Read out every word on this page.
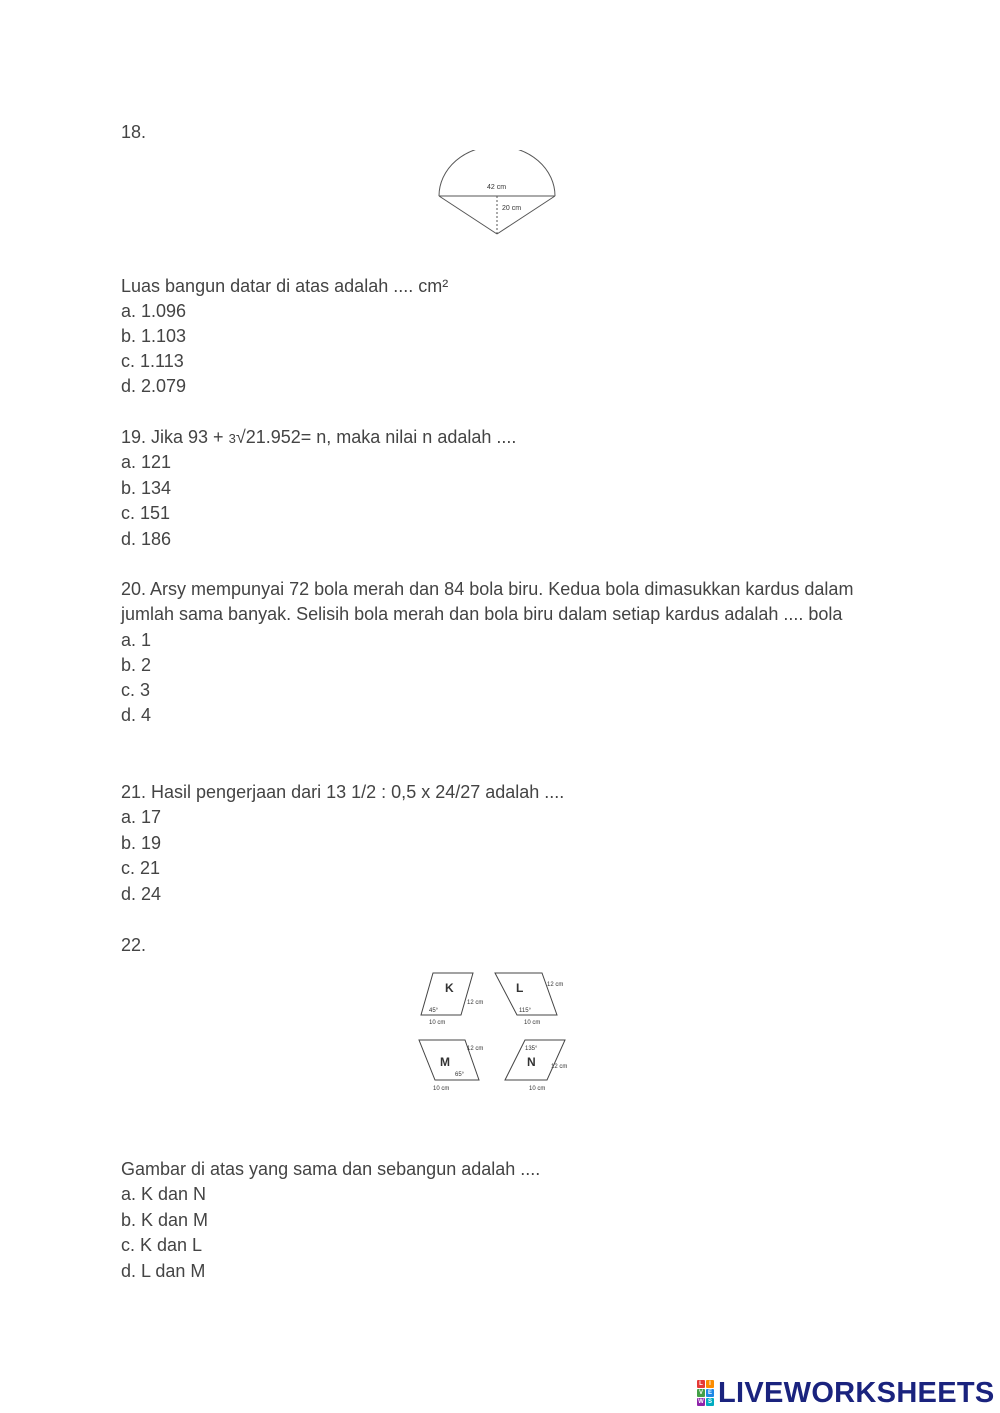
18.
42 cm
20 cm
Luas bangun datar di atas adalah .... cm²
a. 1.096
b. 1.103
c. 1.113
d. 2.079
19. Jika 93 + 3√21.952= n, maka nilai n adalah ....
a. 121
b. 134
c. 151
d. 186
20. Arsy mempunyai 72 bola merah dan 84 bola biru. Kedua bola dimasukkan kardus dalam jumlah sama banyak. Selisih bola merah dan bola biru dalam setiap kardus adalah .... bola
a. 1
b. 2
c. 3
d. 4
21. Hasil pengerjaan dari 13 1/2 : 0,5 x 24/27 adalah ....
a. 17
b. 19
c. 21
d. 24
22.
K
45°
12 cm
10 cm
L
115°
12 cm
10 cm
M
65°
12 cm
10 cm
N
135°
12 cm
10 cm
Gambar di atas yang sama dan sebangun adalah ....
a. K dan N
b. K dan M
c. K dan L
d. L dan M
L	I
V E
W S LIVEWORKSHEETS
